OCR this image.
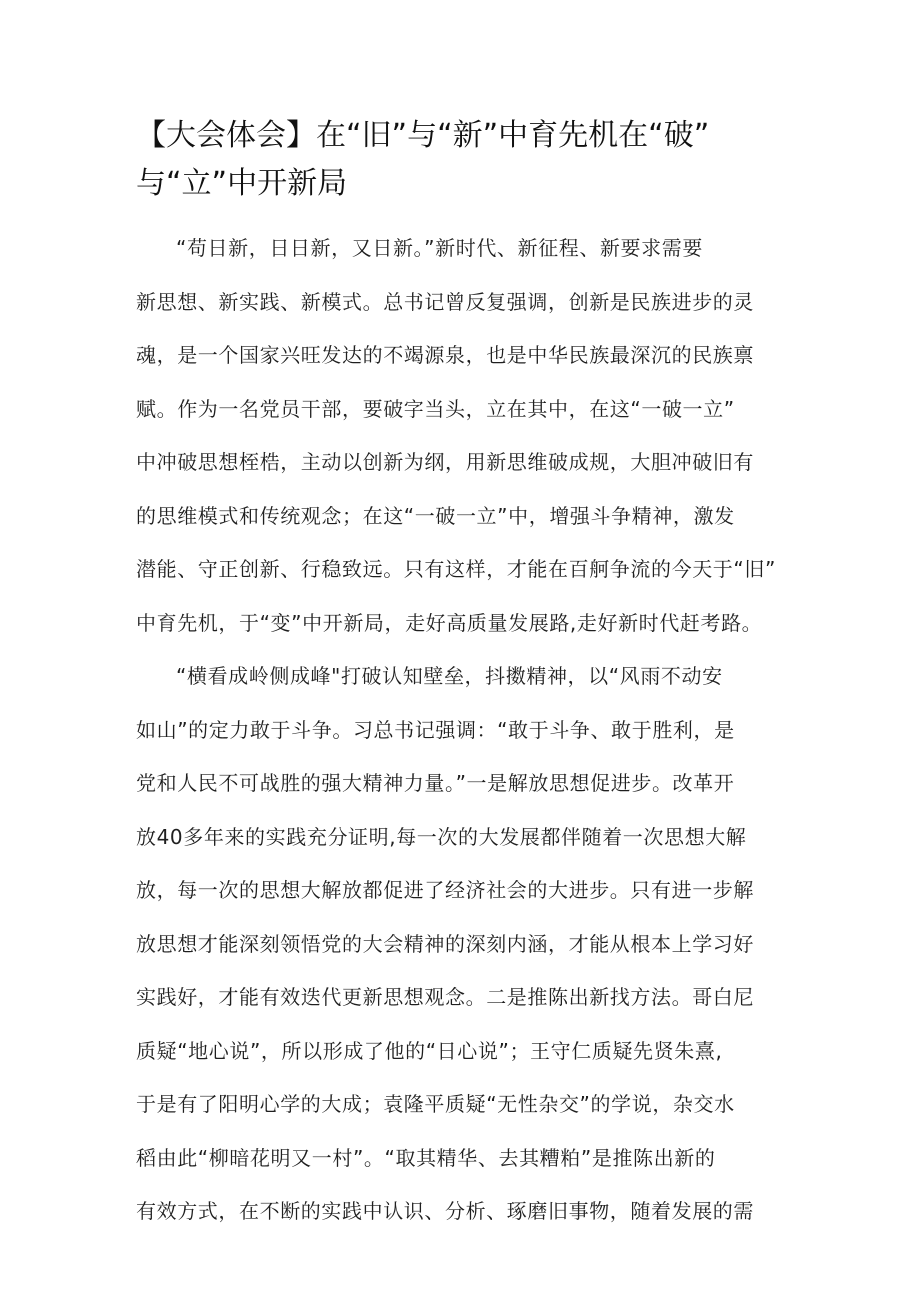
【大会体会】在“旧”与“新”中育先机在“破”
与“立”中开新局
“苟日新，日日新，又日新。”新时代、新征程、新要求需要
新思想、新实践、新模式。总书记曾反复强调，创新是民族进步的灵
魂，是一个国家兴旺发达的不竭源泉，也是中华民族最深沉的民族禀
赋。作为一名党员干部，要破字当头，立在其中，在这“一破一立”
中冲破思想桎梏，主动以创新为纲，用新思维破成规，大胆冲破旧有
的思维模式和传统观念；在这“一破一立”中，增强斗争精神，激发
潜能、守正创新、行稳致远。只有这样，才能在百舸争流的今天于“旧”
中育先机，于“变”中开新局，走好高质量发展路,走好新时代赶考路。
“横看成岭侧成峰"打破认知壁垒，抖擞精神，以“风雨不动安
如山”的定力敢于斗争。习总书记强调：“敢于斗争、敢于胜利，是
党和人民不可战胜的强大精神力量。”一是解放思想促进步。改革开
放40多年来的实践充分证明,每一次的大发展都伴随着一次思想大解
放，每一次的思想大解放都促进了经济社会的大进步。只有进一步解
放思想才能深刻领悟党的大会精神的深刻内涵，才能从根本上学习好
实践好，才能有效迭代更新思想观念。二是推陈出新找方法。哥白尼
质疑“地心说”，所以形成了他的“日心说”；王守仁质疑先贤朱熹,
于是有了阳明心学的大成；袁隆平质疑“无性杂交”的学说，杂交水
稻由此“柳暗花明又一村”。“取其精华、去其糟粕”是推陈出新的
有效方式，在不断的实践中认识、分析、琢磨旧事物，随着发展的需
